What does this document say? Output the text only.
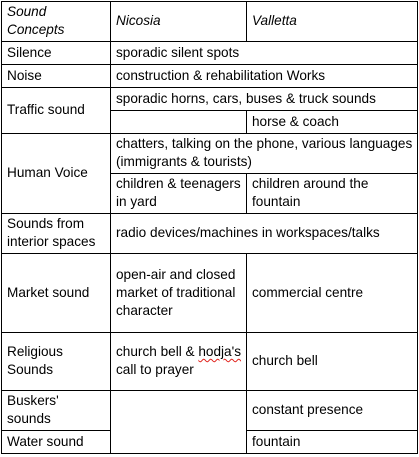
Sound Concepts	Nicosia	Valletta
Silence	sporadic silent spots	
Noise	construction & rehabilitation Works	
Traffic sound	sporadic horns, cars, buses & truck sounds	
		horse & coach
Human Voice	chatters, talking on the phone, various languages (immigrants & tourists)	
	children & teenagers in yard	children around the fountain
Sounds from interior spaces	radio devices/machines in workspaces/talks	
Market sound	open-air and closed market of traditional character	commercial centre
Religious Sounds	church bell & hodja's call to prayer	church bell
Buskers' sounds		constant presence
Water sound		fountain
